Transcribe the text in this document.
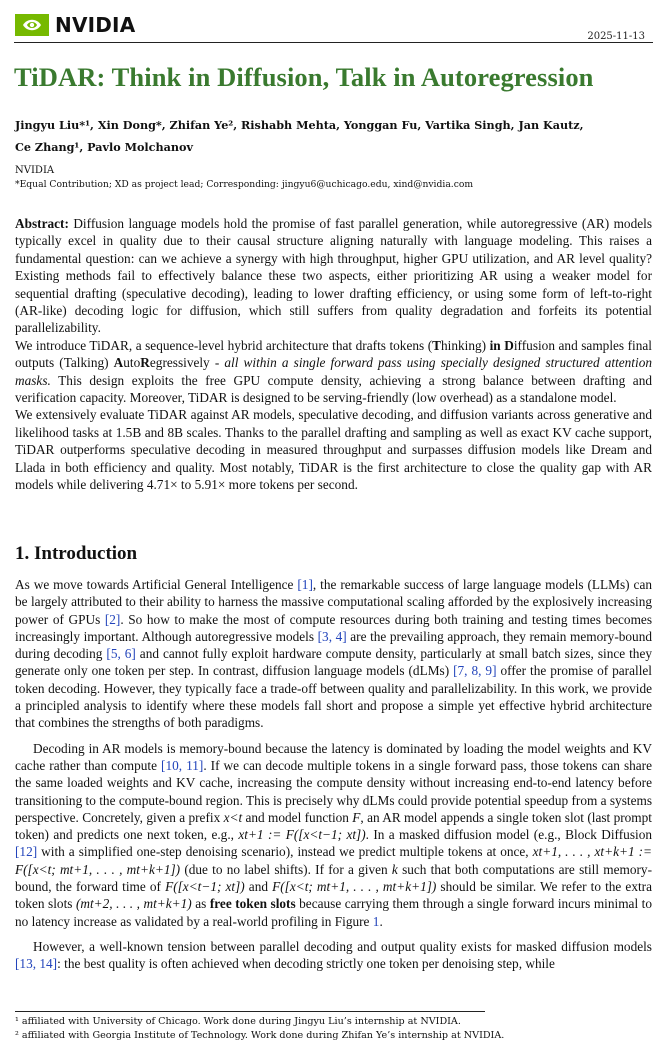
NVIDIA	2025-11-13
TiDAR: Think in Diffusion, Talk in Autoregression
Jingyu Liu*¹, Xin Dong*, Zhifan Ye², Rishabh Mehta, Yonggan Fu, Vartika Singh, Jan Kautz,
Ce Zhang¹, Pavlo Molchanov
NVIDIA
*Equal Contribution; XD as project lead; Corresponding: jingyu6@uchicago.edu, xind@nvidia.com

Abstract: Diffusion language models hold the promise of fast parallel generation, while autoregressive (AR) models typically excel in quality due to their causal structure aligning naturally with language modeling. This raises a fundamental question: can we achieve a synergy with high throughput, higher GPU utilization, and AR level quality? Existing methods fail to effectively balance these two aspects, either prioritizing AR using a weaker model for sequential drafting (speculative decoding), leading to lower drafting efficiency, or using some form of left-to-right (AR-like) decoding logic for diffusion, which still suffers from quality degradation and forfeits its potential parallelizability.

We introduce TiDAR, a sequence-level hybrid architecture that drafts tokens (Thinking) in Diffusion and samples final outputs (Talking) AutoRegressively - all within a single forward pass using specially designed structured attention masks. This design exploits the free GPU compute density, achieving a strong balance between drafting and verification capacity. Moreover, TiDAR is designed to be serving-friendly (low overhead) as a standalone model.

We extensively evaluate TiDAR against AR models, speculative decoding, and diffusion variants across generative and likelihood tasks at 1.5B and 8B scales. Thanks to the parallel drafting and sampling as well as exact KV cache support, TiDAR outperforms speculative decoding in measured throughput and surpasses diffusion models like Dream and Llada in both efficiency and quality. Most notably, TiDAR is the first architecture to close the quality gap with AR models while delivering 4.71× to 5.91× more tokens per second.

1. Introduction

As we move towards Artificial General Intelligence [1], the remarkable success of large language models (LLMs) can be largely attributed to their ability to harness the massive computational scaling afforded by the explosively increasing power of GPUs [2]. So how to make the most of compute resources during both training and testing times becomes increasingly important. Although autoregressive models [3, 4] are the prevailing approach, they remain memory-bound during decoding [5, 6] and cannot fully exploit hardware compute density, particularly at small batch sizes, since they generate only one token per step. In contrast, diffusion language models (dLMs) [7, 8, 9] offer the promise of parallel token decoding. However, they typically face a trade-off between quality and parallelizability. In this work, we provide a principled analysis to identify where these models fall short and propose a simple yet effective hybrid architecture that combines the strengths of both paradigms.

Decoding in AR models is memory-bound because the latency is dominated by loading the model weights and KV cache rather than compute [10, 11]. If we can decode multiple tokens in a single forward pass, those tokens can share the same loaded weights and KV cache, increasing the compute density without increasing end-to-end latency before transitioning to the compute-bound region. This is precisely why dLMs could provide potential speedup from a systems perspective. Concretely, given a prefix x<t and model function F, an AR model appends a single token slot (last prompt token) and predicts one next token, e.g., xt+1 := F([x<t−1; xt]). In a masked diffusion model (e.g., Block Diffusion [12] with a simplified one-step denoising scenario), instead we predict multiple tokens at once, xt+1, . . . , xt+k+1 := F([x<t; mt+1, . . . , mt+k+1]) (due to no label shifts). If for a given k such that both computations are still memory-bound, the forward time of F([x<t−1; xt]) and F([x<t; mt+1, . . . , mt+k+1]) should be similar. We refer to the extra token slots (mt+2, . . . , mt+k+1) as free token slots because carrying them through a single forward incurs minimal to no latency increase as validated by a real-world profiling in Figure 1.

However, a well-known tension between parallel decoding and output quality exists for masked diffusion models [13, 14]: the best quality is often achieved when decoding strictly one token per denoising step, while

¹ affiliated with University of Chicago. Work done during Jingyu Liu’s internship at NVIDIA.
² affiliated with Georgia Institute of Technology. Work done during Zhifan Ye’s internship at NVIDIA.
